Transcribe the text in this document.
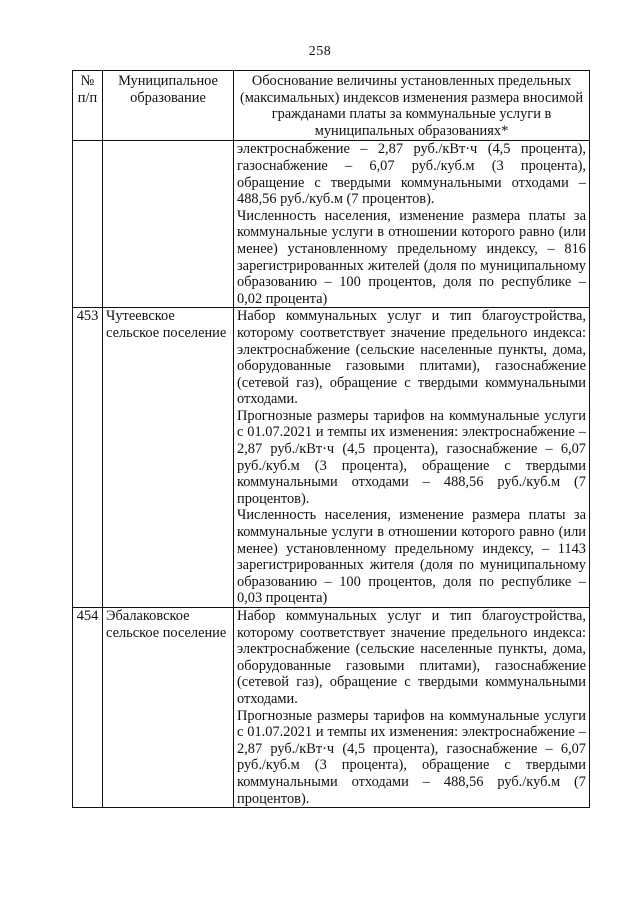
258
№ п/п	Муниципальное образование	Обоснование величины установленных предельных (максимальных) индексов изменения размера вносимой гражданами платы за коммунальные услуги в муниципальных образованиях*

		электроснабжение – 2,87 руб./кВт·ч (4,5 процента), газоснабжение – 6,07 руб./куб.м (3 процента), обращение с твердыми коммунальными отходами – 488,56 руб./куб.м (7 процентов).

Численность населения, изменение размера платы за коммунальные услуги в отношении которого равно (или менее) установленному предельному индексу, – 816 зарегистрированных жителей (доля по муниципальному образованию – 100 процентов, доля по республике – 0,02 процента)

453	Чутеевское сельское поселение	Набор коммунальных услуг и тип благоустройства, которому соответствует значение предельного индекса: электроснабжение (сельские населенные пункты, дома, оборудованные газовыми плитами), газоснабжение (сетевой газ), обращение с твердыми коммунальными отходами.

Прогнозные размеры тарифов на коммунальные услуги с 01.07.2021 и темпы их изменения: электроснабжение – 2,87 руб./кВт·ч (4,5 процента), газоснабжение – 6,07 руб./куб.м (3 процента), обращение с твердыми коммунальными отходами – 488,56 руб./куб.м (7 процентов).

Численность населения, изменение размера платы за коммунальные услуги в отношении которого равно (или менее) установленному предельному индексу, – 1143 зарегистрированных жителя (доля по муниципальному образованию – 100 процентов, доля по республике – 0,03 процента)

454	Эбалаковское сельское поселение	Набор коммунальных услуг и тип благоустройства, которому соответствует значение предельного индекса: электроснабжение (сельские населенные пункты, дома, оборудованные газовыми плитами), газоснабжение (сетевой газ), обращение с твердыми коммунальными отходами.

Прогнозные размеры тарифов на коммунальные услуги с 01.07.2021 и темпы их изменения: электроснабжение – 2,87 руб./кВт·ч (4,5 процента), газоснабжение – 6,07 руб./куб.м (3 процента), обращение с твердыми коммунальными отходами – 488,56 руб./куб.м (7 процентов).
